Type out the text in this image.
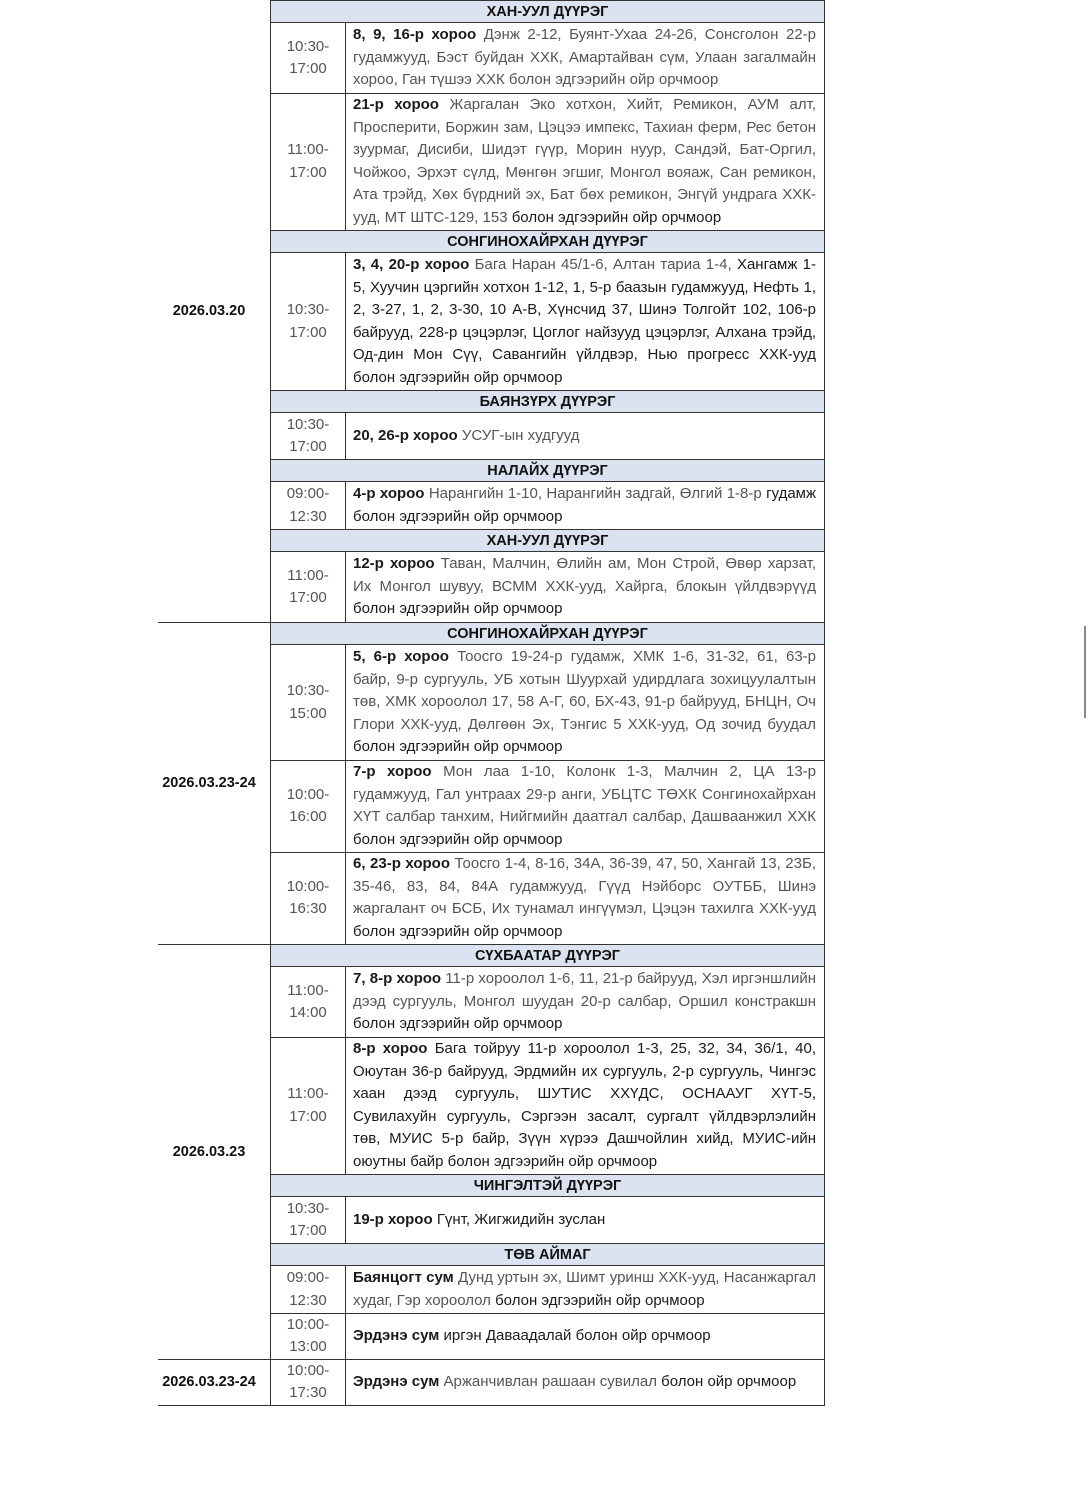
2026.03.20
2026.03.23-24
2026.03.23
2026.03.23-24
ХАН-УУЛ ДҮҮРЭГ
10:30-
17:00
8, 9, 16-р хороо Дэнж 2-12, Буянт-Ухаа 24-26, Сонсголон 22-р гудамжууд, Бэст буйдан ХХК, Амартайван сүм, Улаан загалмайн хороо, Ган түшээ ХХК болон эдгээрийн ойр орчмоор
11:00-
17:00
21-р хороо Жаргалан Эко хотхон, Хийт, Ремикон, АУМ алт, Просперити, Боржин зам, Цэцээ импекс, Тахиан ферм, Рес бетон зуурмаг, Дисиби, Шидэт гүүр, Морин нуур, Сандэй, Бат-Оргил, Чойжоо, Эрхэт сүлд, Мөнгөн эгшиг, Монгол вояаж, Сан ремикон, Ата трэйд, Хөх бүрдний эх, Бат бөх ремикон, Энгүй ундрага ХХК-ууд, МТ ШТС-129, 153 болон эдгээрийн ойр орчмоор
СОНГИНОХАЙРХАН ДҮҮРЭГ
10:30-
17:00
3, 4, 20-р хороо Бага Наран 45/1-6, Алтан тариа 1-4, Хангамж 1-5, Хуучин цэргийн хотхон 1-12, 1, 5-р баазын гудамжууд, Нефть 1, 2, 3-27, 1, 2, 3-30, 10 А-В, Хүнсчид 37, Шинэ Толгойт 102, 106-р байрууд, 228-р цэцэрлэг, Цоглог найзууд цэцэрлэг, Алхана трэйд, Од-дин Мон Сүү, Савангийн үйлдвэр, Нью прогресс ХХК-ууд болон эдгээрийн ойр орчмоор
БАЯНЗҮРХ ДҮҮРЭГ
10:30-
17:00
20, 26-р хороо УСУГ-ын худгууд
НАЛАЙХ ДҮҮРЭГ
09:00-
12:30
4-р хороо Нарангийн 1-10, Нарангийн задгай, Өлгий 1-8-р гудамж болон эдгээрийн ойр орчмоор
ХАН-УУЛ ДҮҮРЭГ
11:00-
17:00
12-р хороо Таван, Малчин, Өлийн ам, Мон Строй, Өвөр харзат, Их Монгол шувуу, ВСММ ХХК-ууд, Хайрга, блокын үйлдвэрүүд болон эдгээрийн ойр орчмоор
СОНГИНОХАЙРХАН ДҮҮРЭГ
10:30-
15:00
5, 6-р хороо Тоосго 19-24-р гудамж, ХМК 1-6, 31-32, 61, 63-р байр, 9-р сургууль, УБ хотын Шуурхай удирдлага зохицуулалтын төв, ХМК хороолол 17, 58 А-Г, 60, БХ-43, 91-р байрууд, БНЦН, Оч Глори ХХК-ууд, Дөлгөөн Эх, Тэнгис 5 ХХК-ууд, Од зочид буудал болон эдгээрийн ойр орчмоор
10:00-
16:00
7-р хороо Мон лаа 1-10, Колонк 1-3, Малчин 2, ЦА 13-р гудамжууд, Гал унтраах 29-р анги, УБЦТС ТӨХК Сонгинохайрхан ХҮТ салбар танхим, Нийгмийн даатгал салбар, Дашваанжил ХХК болон эдгээрийн ойр орчмоор
10:00-
16:30
6, 23-р хороо Тоосго 1-4, 8-16, 34А, 36-39, 47, 50, Хангай 13, 23Б, 35-46, 83, 84, 84А гудамжууд, Гүүд Нэйборс ОУТББ, Шинэ жаргалант оч БСБ, Их тунамал ингүүмэл, Цэцэн тахилга ХХК-ууд болон эдгээрийн ойр орчмоор
СҮХБААТАР ДҮҮРЭГ
11:00-
14:00
7, 8-р хороо 11-р хороолол 1-6, 11, 21-р байрууд, Хэл иргэншлийн дээд сургууль, Монгол шуудан 20-р салбар, Оршил констракшн болон эдгээрийн ойр орчмоор
11:00-
17:00
8-р хороо Бага тойруу 11-р хороолол 1-3, 25, 32, 34, 36/1, 40, Оюутан 36-р байрууд, Эрдмийн их сургууль, 2-р сургууль, Чингэс хаан дээд сургууль, ШУТИС ХХҮДС, ОСНААУГ ХҮТ-5, Сувилахуйн сургууль, Сэргээн засалт, сургалт үйлдвэрлэлийн төв, МУИС 5-р байр, Зүүн хүрээ Дашчойлин хийд, МУИС-ийн оюутны байр болон эдгээрийн ойр орчмоор
ЧИНГЭЛТЭЙ ДҮҮРЭГ
10:30-
17:00
19-р хороо Гүнт, Жигжидийн зуслан
ТӨВ АЙМАГ
09:00-
12:30
Баянцогт сум Дунд уртын эх, Шимт уринш ХХК-ууд, Насанжаргал худаг, Гэр хороолол болон эдгээрийн ойр орчмоор
10:00-
13:00
Эрдэнэ сум иргэн Даваадалай болон ойр орчмоор
10:00-
17:30
Эрдэнэ сум Аржанчивлан рашаан сувилал болон ойр орчмоор
